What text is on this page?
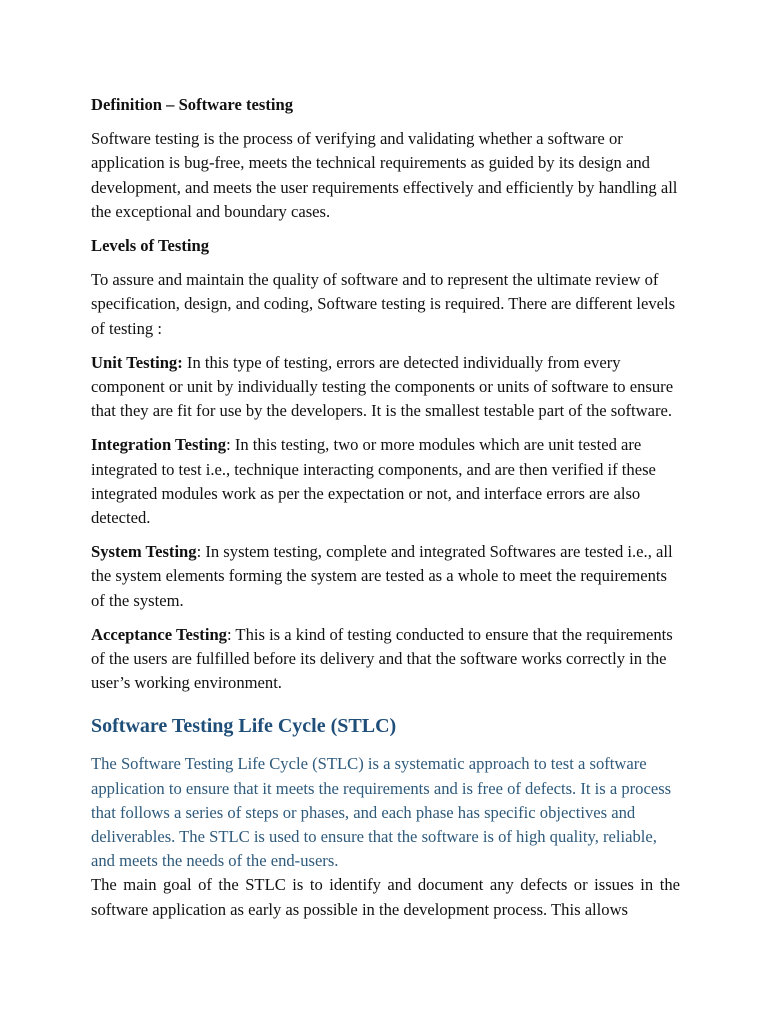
Definition – Software testing

Software testing is the process of verifying and validating whether a software or application is bug-free, meets the technical requirements as guided by its design and development, and meets the user requirements effectively and efficiently by handling all the exceptional and boundary cases.

Levels of Testing

To assure and maintain the quality of software and to represent the ultimate review of specification, design, and coding, Software testing is required. There are different levels of testing :

Unit Testing: In this type of testing, errors are detected individually from every component or unit by individually testing the components or units of software to ensure that they are fit for use by the developers. It is the smallest testable part of the software.

Integration Testing: In this testing, two or more modules which are unit tested are integrated to test i.e., technique interacting components, and are then verified if these integrated modules work as per the expectation or not, and interface errors are also detected.

System Testing: In system testing, complete and integrated Softwares are tested i.e., all the system elements forming the system are tested as a whole to meet the requirements of the system.

Acceptance Testing: This is a kind of testing conducted to ensure that the requirements of the users are fulfilled before its delivery and that the software works correctly in the user’s working environment.

Software Testing Life Cycle (STLC)

The Software Testing Life Cycle (STLC) is a systematic approach to test a software application to ensure that it meets the requirements and is free of defects. It is a process that follows a series of steps or phases, and each phase has specific objectives and deliverables. The STLC is used to ensure that the software is of high quality, reliable, and meets the needs of the end-users.

The main goal of the STLC is to identify and document any defects or issues in the software application as early as possible in the development process. This allows
